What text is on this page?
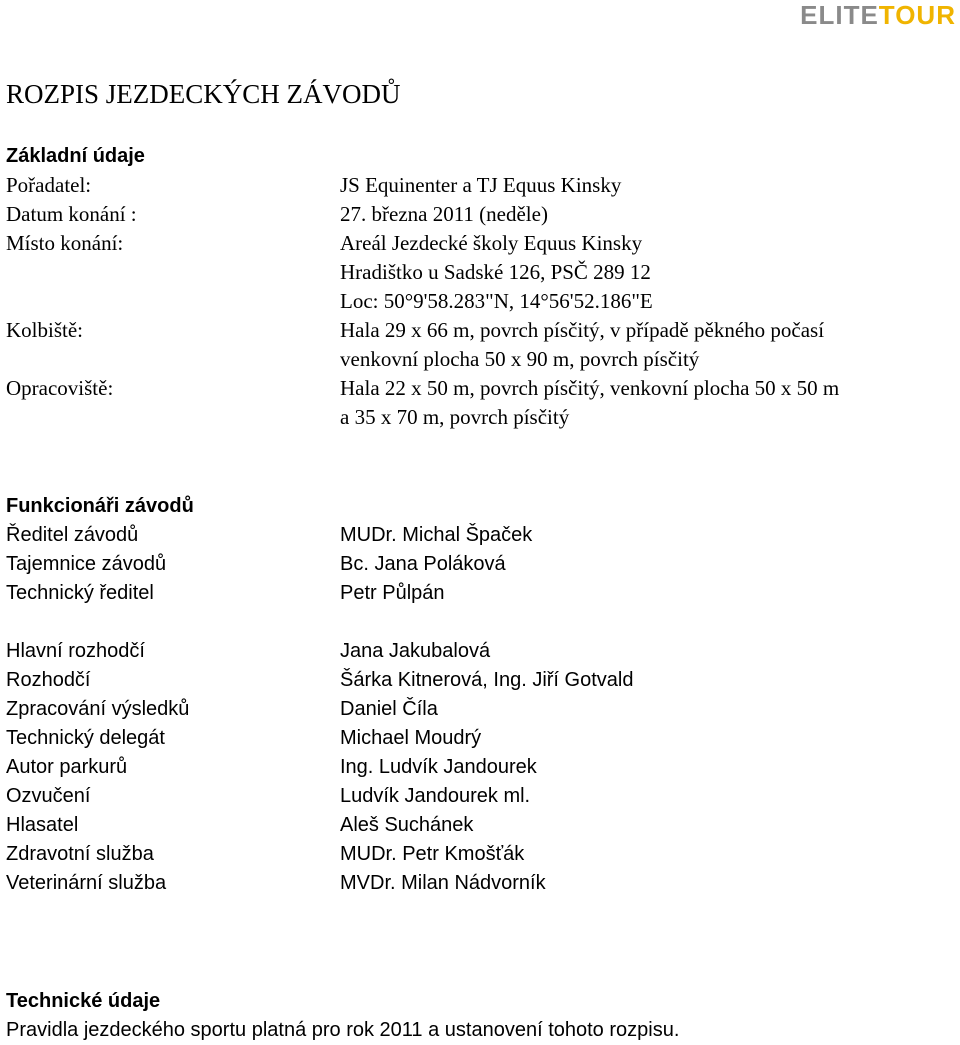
ELITETOUR
ROZPIS JEZDECKÝCH ZÁVODŮ
Základní údaje
Pořadatel:	JS Equinenter a TJ Equus Kinsky
Datum konání :	27. března 2011 (neděle)
Místo konání:	Areál Jezdecké školy Equus Kinsky
Hradištko u Sadské 126, PSČ 289 12
Loc: 50°9'58.283"N, 14°56'52.186"E
Kolbiště:	Hala 29 x 66 m, povrch písčitý, v případě pěkného počasí
venkovní plocha 50 x 90 m, povrch písčitý
Opracoviště:	Hala 22 x 50 m, povrch písčitý, venkovní plocha 50 x 50 m
a 35 x 70 m, povrch písčitý
Funkcionáři závodů
Ředitel závodů	MUDr. Michal Špaček
Tajemnice závodů	Bc. Jana Poláková
Technický ředitel	Petr Půlpán
Hlavní rozhodčí	Jana Jakubalová
Rozhodčí	Šárka Kitnerová, Ing. Jiří Gotvald
Zpracování výsledků	Daniel Číla
Technický delegát	Michael Moudrý
Autor parkurů	Ing. Ludvík Jandourek
Ozvučení	Ludvík Jandourek ml.
Hlasatel	Aleš Suchánek
Zdravotní služba	MUDr. Petr Kmošťák
Veterinární služba	MVDr. Milan Nádvorník
Technické údaje
Pravidla jezdeckého sportu platná pro rok 2011 a ustanovení tohoto rozpisu.
